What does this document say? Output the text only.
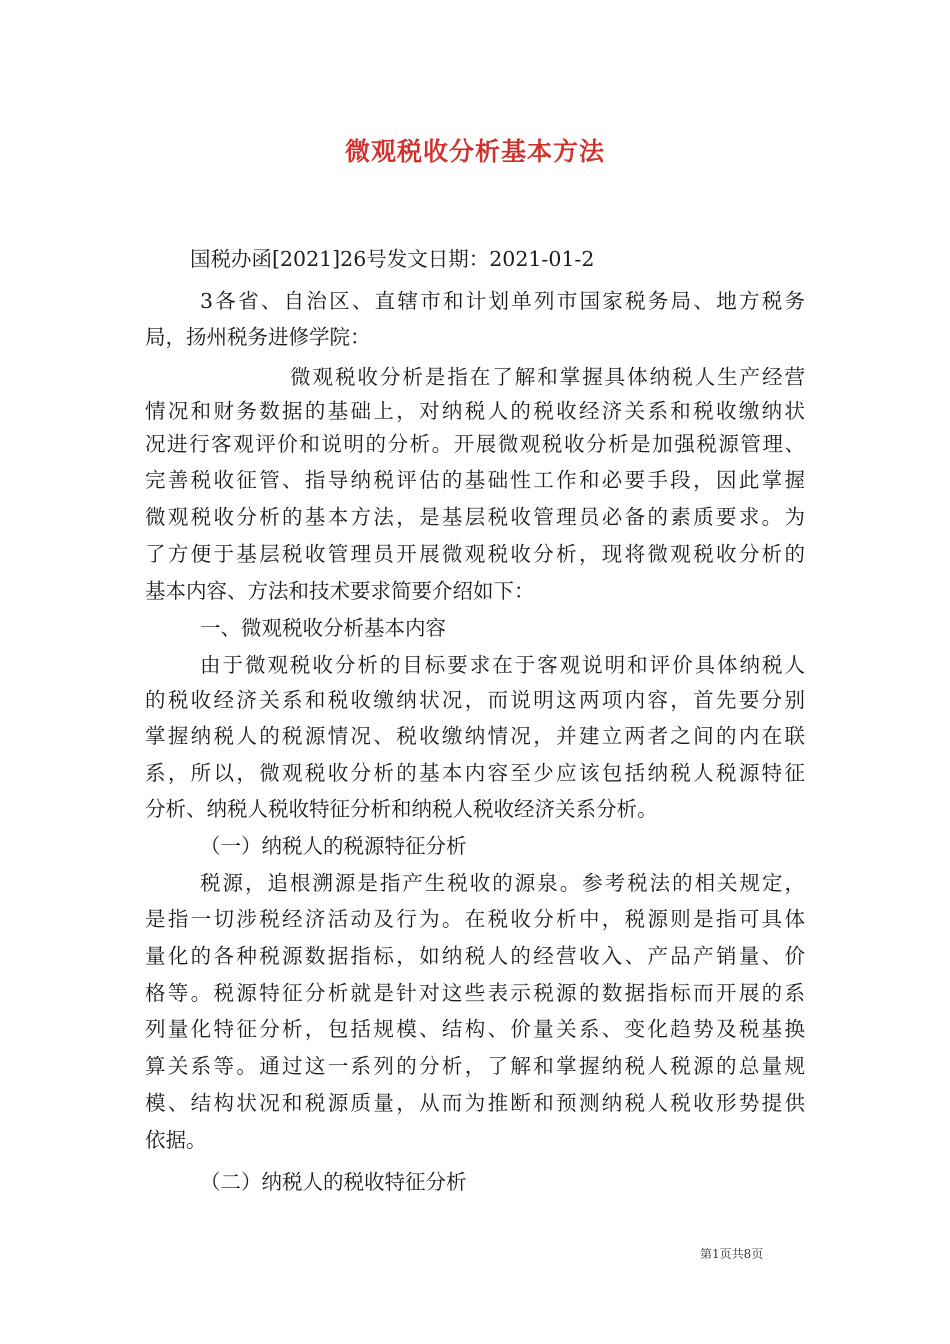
微观税收分析基本方法
国税办函[2021]26号发文日期：2021-01-2
3各省、自治区、直辖市和计划单列市国家税务局、地方税务
局，扬州税务进修学院：
微观税收分析是指在了解和掌握具体纳税人生产经营
情况和财务数据的基础上，对纳税人的税收经济关系和税收缴纳状
况进行客观评价和说明的分析。开展微观税收分析是加强税源管理、
完善税收征管、指导纳税评估的基础性工作和必要手段，因此掌握
微观税收分析的基本方法，是基层税收管理员必备的素质要求。为
了方便于基层税收管理员开展微观税收分析，现将微观税收分析的
基本内容、方法和技术要求简要介绍如下：
一、微观税收分析基本内容
由于微观税收分析的目标要求在于客观说明和评价具体纳税人
的税收经济关系和税收缴纳状况，而说明这两项内容，首先要分别
掌握纳税人的税源情况、税收缴纳情况，并建立两者之间的内在联
系，所以，微观税收分析的基本内容至少应该包括纳税人税源特征
分析、纳税人税收特征分析和纳税人税收经济关系分析。
（一）纳税人的税源特征分析
税源，追根溯源是指产生税收的源泉。参考税法的相关规定，
是指一切涉税经济活动及行为。在税收分析中，税源则是指可具体
量化的各种税源数据指标，如纳税人的经营收入、产品产销量、价
格等。税源特征分析就是针对这些表示税源的数据指标而开展的系
列量化特征分析，包括规模、结构、价量关系、变化趋势及税基换
算关系等。通过这一系列的分析，了解和掌握纳税人税源的总量规
模、结构状况和税源质量，从而为推断和预测纳税人税收形势提供
依据。
（二）纳税人的税收特征分析
第1页共8页
